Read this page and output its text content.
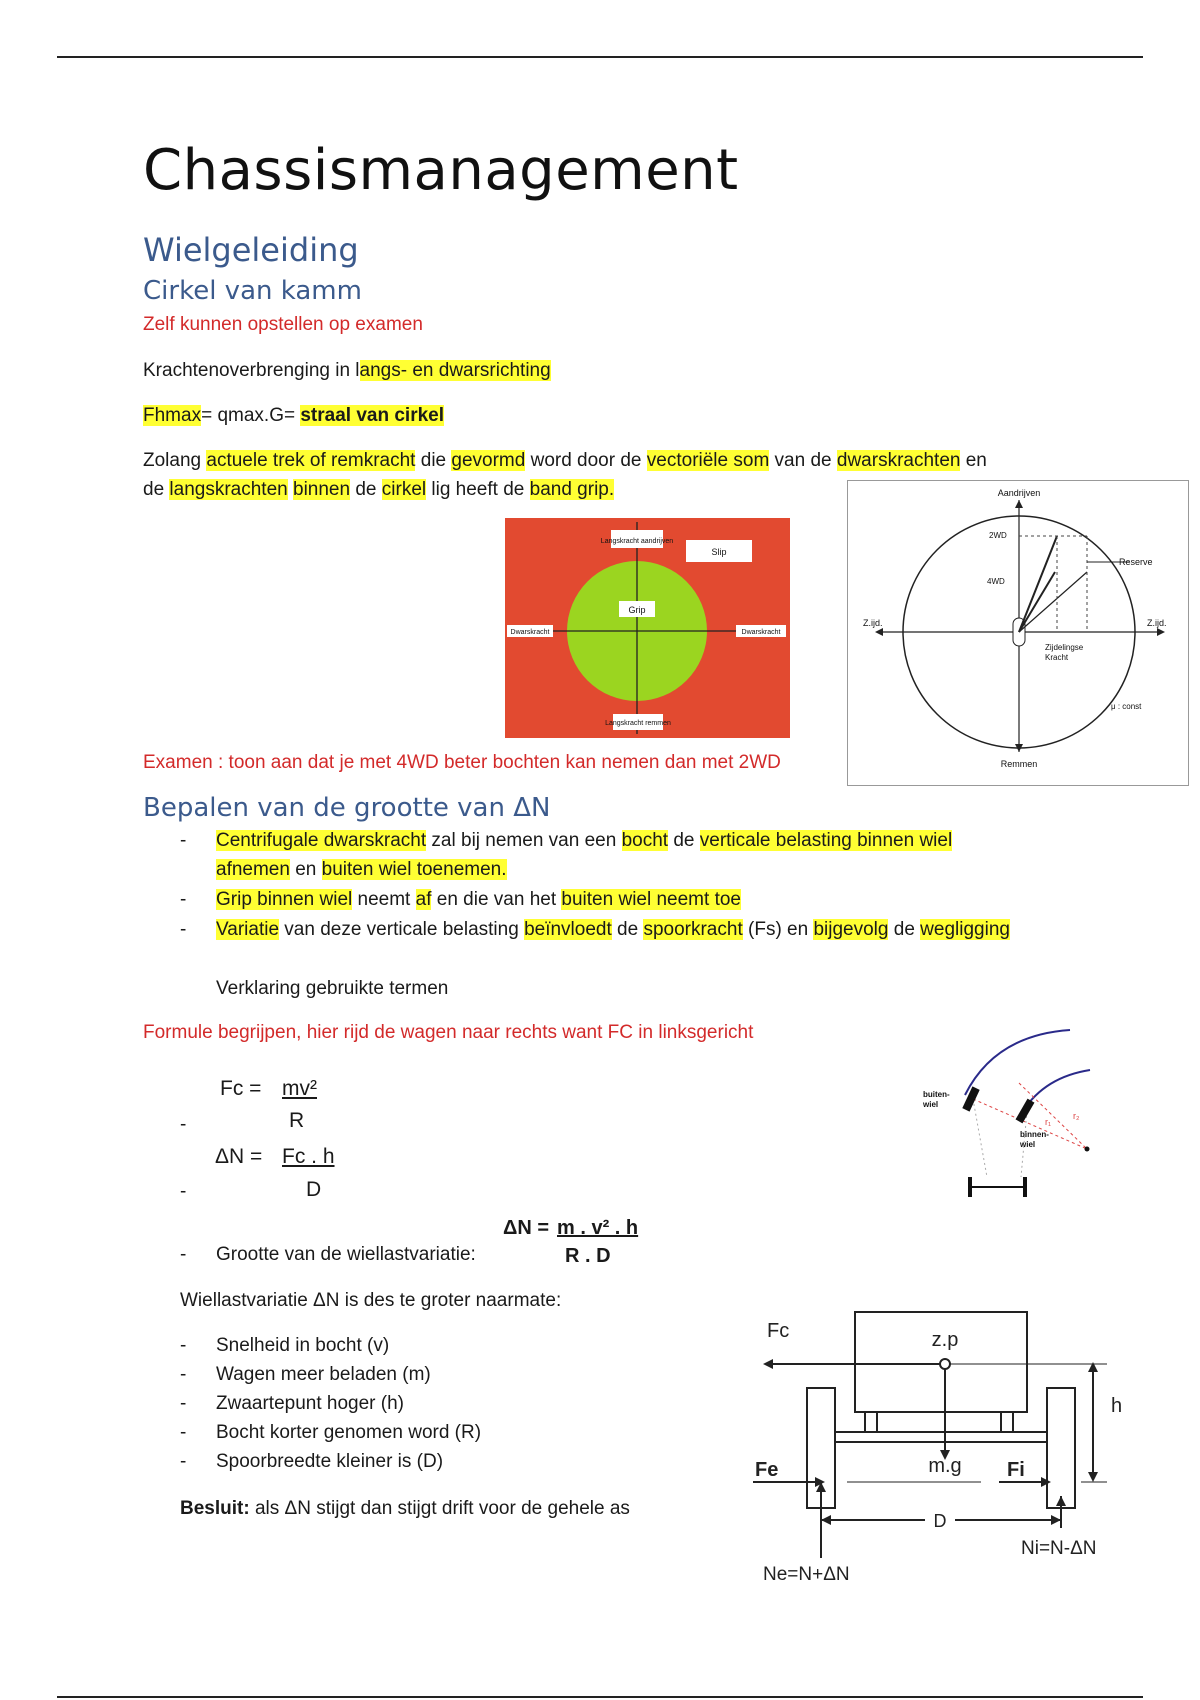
Chassismanagement
Wielgeleiding
Cirkel van kamm
Zelf kunnen opstellen op examen
Krachtenoverbrenging in langs- en dwarsrichting
Fhmax= qmax.G= straal van cirkel
Zolang actuele trek of remkracht die gevormd word door de vectoriële som van de dwarskrachten en
de langskrachten binnen de cirkel lig heeft de band grip.
Langskracht aandrijven
Slip
Grip
Dwarskracht	Dwarskracht
Langskracht remmen
Aandrijven
Remmen
Z.ijd.	Z.ijd.
2WD
4WD
Reserve
Zijdelingse
Kracht
μ : const
Examen : toon aan dat je met 4WD beter bochten kan nemen dan met 2WD
Bepalen van de grootte van ΔN
- Centrifugale dwarskracht zal bij nemen van een bocht de verticale belasting binnen wiel
afnemen en buiten wiel toenemen.
- Grip binnen wiel neemt af en die van het buiten wiel neemt toe
- Variatie van deze verticale belasting beïnvloedt de spoorkracht (Fs) en bijgevolg de wegligging
Verklaring gebruikte termen
Formule begrijpen, hier rijd de wagen naar rechts want FC in linksgericht
-
Fc = mv²
R
-
ΔN = Fc . h
D
- Grootte van de wiellastvariatie:
ΔN = m . v² . h
R . D
Wiellastvariatie ΔN is des te groter naarmate:
- Snelheid in bocht (v)
- Wagen meer beladen (m)
- Zwaartepunt hoger (h)
- Bocht korter genomen word (R)
- Spoorbreedte kleiner is (D)
Besluit: als ΔN stijgt dan stijgt drift voor de gehele as
buiten-
wiel
binnen-
wiel
r₁
r₂
Fc	z.p
h
Fe	m.g Fi
D
Ni=N-ΔN
Ne=N+ΔN
